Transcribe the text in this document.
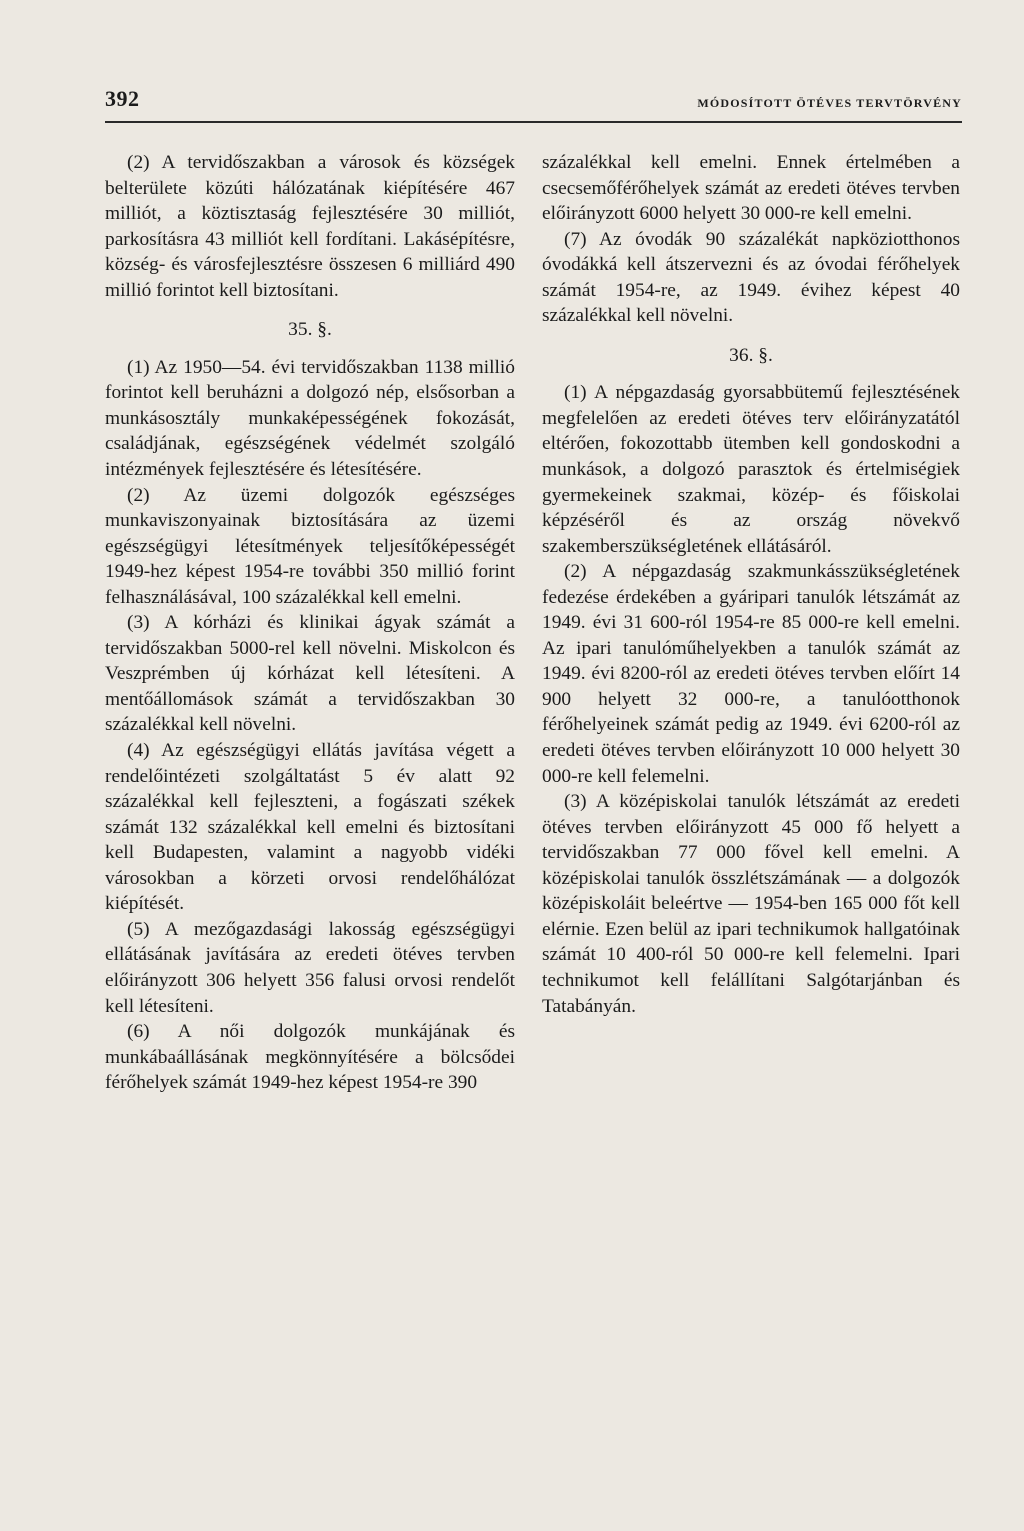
392	MÓDOSÍTOTT ÖTÉVES TERVTÖRVÉNY

(2) A tervidőszakban a városok és községek belterülete közúti hálózatának kiépítésére 467 milliót, a köztisztaság fejlesztésére 30 milliót, parkosításra 43 milliót kell fordítani. Lakásépítésre, község- és városfejlesztésre összesen 6 milliárd 490 millió forintot kell biztosítani.

35. §.

(1) Az 1950—54. évi tervidőszakban 1138 millió forintot kell beruházni a dolgozó nép, elsősorban a munkásosztály munkaképességének fokozását, családjának, egészségének védelmét szolgáló intézmények fejlesztésére és létesítésére.

(2) Az üzemi dolgozók egészséges munkaviszonyainak biztosítására az üzemi egészségügyi létesítmények teljesítőképességét 1949-hez képest 1954-re további 350 millió forint felhasználásával, 100 százalékkal kell emelni.

(3) A kórházi és klinikai ágyak számát a tervidőszakban 5000-rel kell növelni. Miskolcon és Veszprémben új kórházat kell létesíteni. A mentőállomások számát a tervidőszakban 30 százalékkal kell növelni.

(4) Az egészségügyi ellátás javítása végett a rendelőintézeti szolgáltatást 5 év alatt 92 százalékkal kell fejleszteni, a fogászati székek számát 132 százalékkal kell emelni és biztosítani kell Budapesten, valamint a nagyobb vidéki városokban a körzeti orvosi rendelőhálózat kiépítését.

(5) A mezőgazdasági lakosság egészségügyi ellátásának javítására az eredeti ötéves tervben előirányzott 306 helyett 356 falusi orvosi rendelőt kell létesíteni.

(6) A női dolgozók munkájának és munkábaállásának megkönnyítésére a bölcsődei férőhelyek számát 1949-hez képest 1954-re 390

százalékkal kell emelni. Ennek értelmében a csecsemőférőhelyek számát az eredeti ötéves tervben előirányzott 6000 helyett 30 000-re kell emelni.

(7) Az óvodák 90 százalékát napköziotthonos óvodákká kell átszervezni és az óvodai férőhelyek számát 1954-re, az 1949. évihez képest 40 százalékkal kell növelni.

36. §.

(1) A népgazdaság gyorsabbütemű fejlesztésének megfelelően az eredeti ötéves terv előirányzatától eltérően, fokozottabb ütemben kell gondoskodni a munkások, a dolgozó parasztok és értelmiségiek gyermekeinek szakmai, közép- és főiskolai képzéséről és az ország növekvő szakemberszükségletének ellátásáról.

(2) A népgazdaság szakmunkásszükségletének fedezése érdekében a gyáripari tanulók létszámát az 1949. évi 31 600-ról 1954-re 85 000-re kell emelni. Az ipari tanulóműhelyekben a tanulók számát az 1949. évi 8200-ról az eredeti ötéves tervben előírt 14 900 helyett 32 000-re, a tanulóotthonok férőhelyeinek számát pedig az 1949. évi 6200-ról az eredeti ötéves tervben előirányzott 10 000 helyett 30 000-re kell felemelni.

(3) A középiskolai tanulók létszámát az eredeti ötéves tervben előirányzott 45 000 fő helyett a tervidőszakban 77 000 fővel kell emelni. A középiskolai tanulók összlétszámának — a dolgozók középiskoláit beleértve — 1954-ben 165 000 főt kell elérnie. Ezen belül az ipari technikumok hallgatóinak számát 10 400-ról 50 000-re kell felemelni. Ipari technikumot kell felállítani Salgótarjánban és Tatabányán.
